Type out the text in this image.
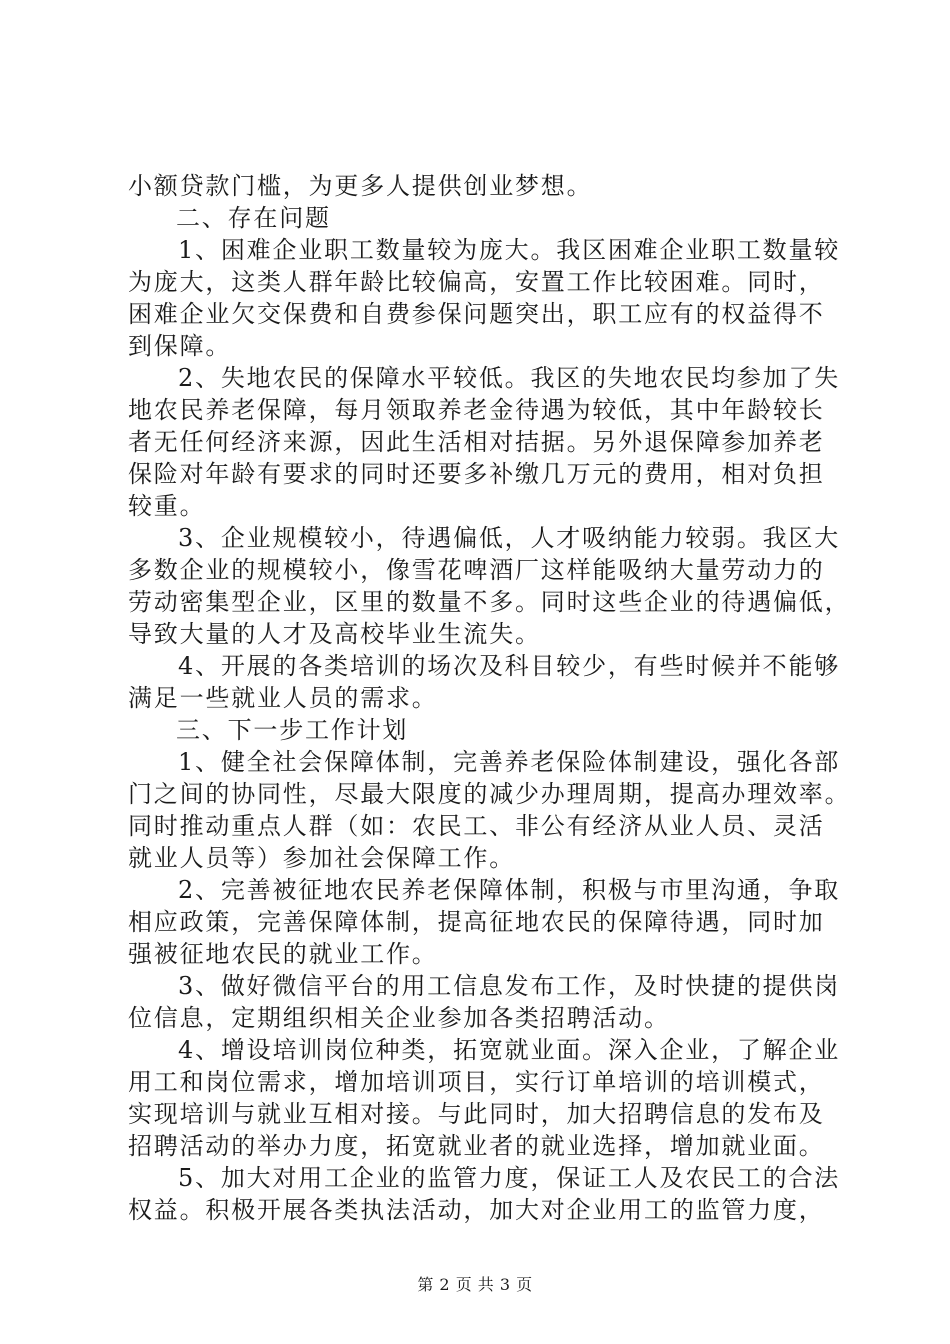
小额贷款门槛，为更多人提供创业梦想。
二、存在问题
1、困难企业职工数量较为庞大。我区困难企业职工数量较
为庞大，这类人群年龄比较偏高，安置工作比较困难。同时，
困难企业欠交保费和自费参保问题突出，职工应有的权益得不
到保障。
2、失地农民的保障水平较低。我区的失地农民均参加了失
地农民养老保障，每月领取养老金待遇为较低，其中年龄较长
者无任何经济来源，因此生活相对拮据。另外退保障参加养老
保险对年龄有要求的同时还要多补缴几万元的费用，相对负担
较重。
3、企业规模较小，待遇偏低，人才吸纳能力较弱。我区大
多数企业的规模较小，像雪花啤酒厂这样能吸纳大量劳动力的
劳动密集型企业，区里的数量不多。同时这些企业的待遇偏低，
导致大量的人才及高校毕业生流失。
4、开展的各类培训的场次及科目较少，有些时候并不能够
满足一些就业人员的需求。
三、下一步工作计划
1、健全社会保障体制，完善养老保险体制建设，强化各部
门之间的协同性，尽最大限度的减少办理周期，提高办理效率。
同时推动重点人群（如：农民工、非公有经济从业人员、灵活
就业人员等）参加社会保障工作。
2、完善被征地农民养老保障体制，积极与市里沟通，争取
相应政策，完善保障体制，提高征地农民的保障待遇，同时加
强被征地农民的就业工作。
3、做好微信平台的用工信息发布工作，及时快捷的提供岗
位信息，定期组织相关企业参加各类招聘活动。
4、增设培训岗位种类，拓宽就业面。深入企业，了解企业
用工和岗位需求，增加培训项目，实行订单培训的培训模式，
实现培训与就业互相对接。与此同时，加大招聘信息的发布及
招聘活动的举办力度，拓宽就业者的就业选择，增加就业面。
5、加大对用工企业的监管力度，保证工人及农民工的合法
权益。积极开展各类执法活动，加大对企业用工的监管力度，
第 2 页 共 3 页
